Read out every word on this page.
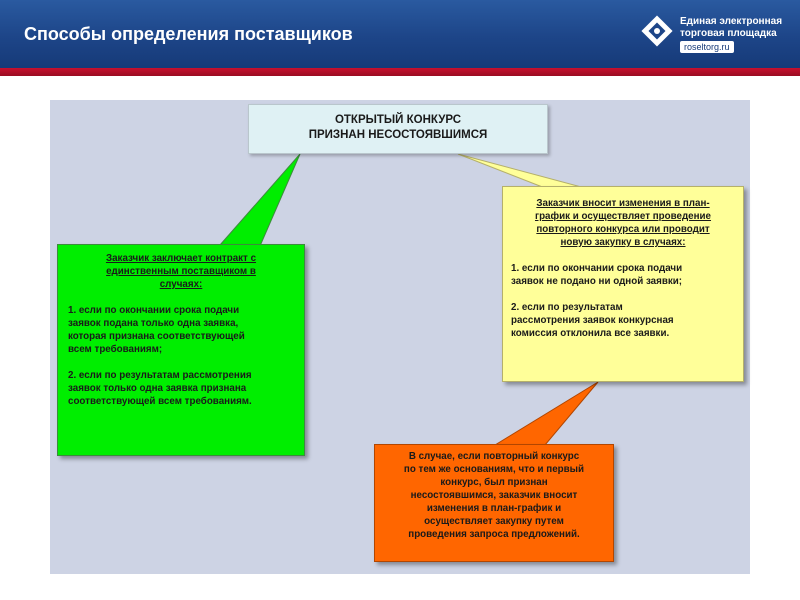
Способы определения поставщиков
Единая электронная
торговая площадка
roseltorg.ru

ОТКРЫТЫЙ КОНКУРС

ПРИЗНАН НЕСОСТОЯВШИМСЯ

Заказчик заключает контракт с

единственным поставщиком в

случаях:

1. если по окончании срока подачи

заявок подана только одна заявка,

которая признана соответствующей

всем требованиям;

2. если по результатам рассмотрения

заявок только одна заявка признана

соответствующей всем требованиям.

Заказчик вносит изменения в план-

график и осуществляет проведение

повторного конкурса или проводит

новую закупку в случаях:

1. если по окончании срока подачи

заявок не подано ни одной заявки;

2. если по результатам

рассмотрения заявок конкурсная

комиссия отклонила все заявки.

В случае, если повторный конкурс

по тем же основаниям, что и первый

конкурс, был признан

несостоявшимся, заказчик вносит

изменения в план-график и

осуществляет закупку путем

проведения запроса предложений.
